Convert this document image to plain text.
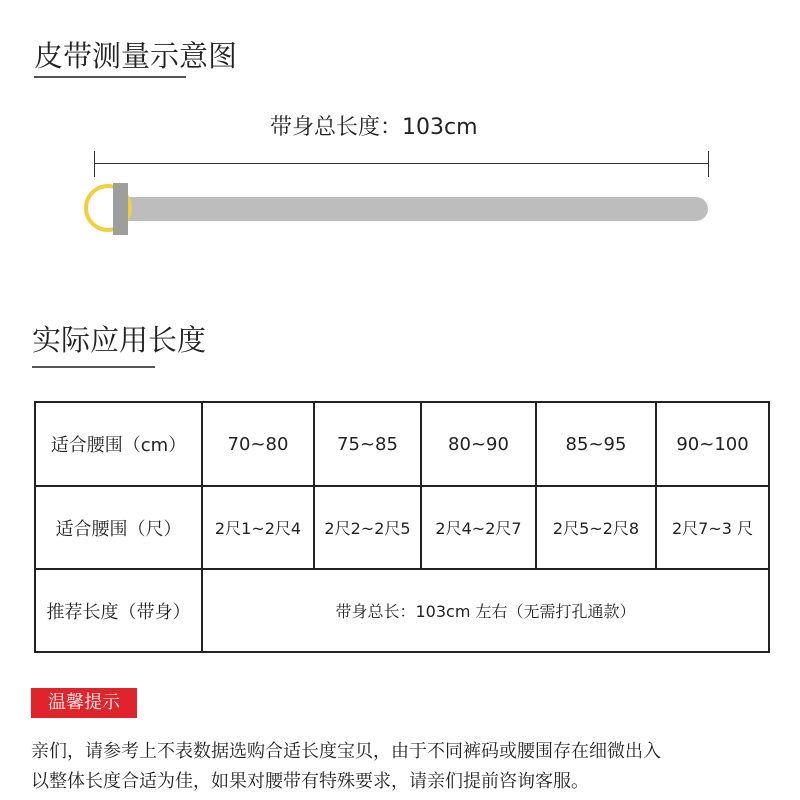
皮带测量示意图
带身总长度：103cm
实际应用长度
适合腰围（cm）	70~80	75~85	80~90	85~95	90~100
适合腰围（尺）	2尺1~2尺4	2尺2~2尺5	2尺4~2尺7	2尺5~2尺8	2尺7~3 尺
推荐长度（带身）	带身总长：103cm 左右（无需打孔通款）				
温馨提示
亲们，请参考上不表数据选购合适长度宝贝，由于不同裤码或腰围存在细微出入
以整体长度合适为佳，如果对腰带有特殊要求，请亲们提前咨询客服。
